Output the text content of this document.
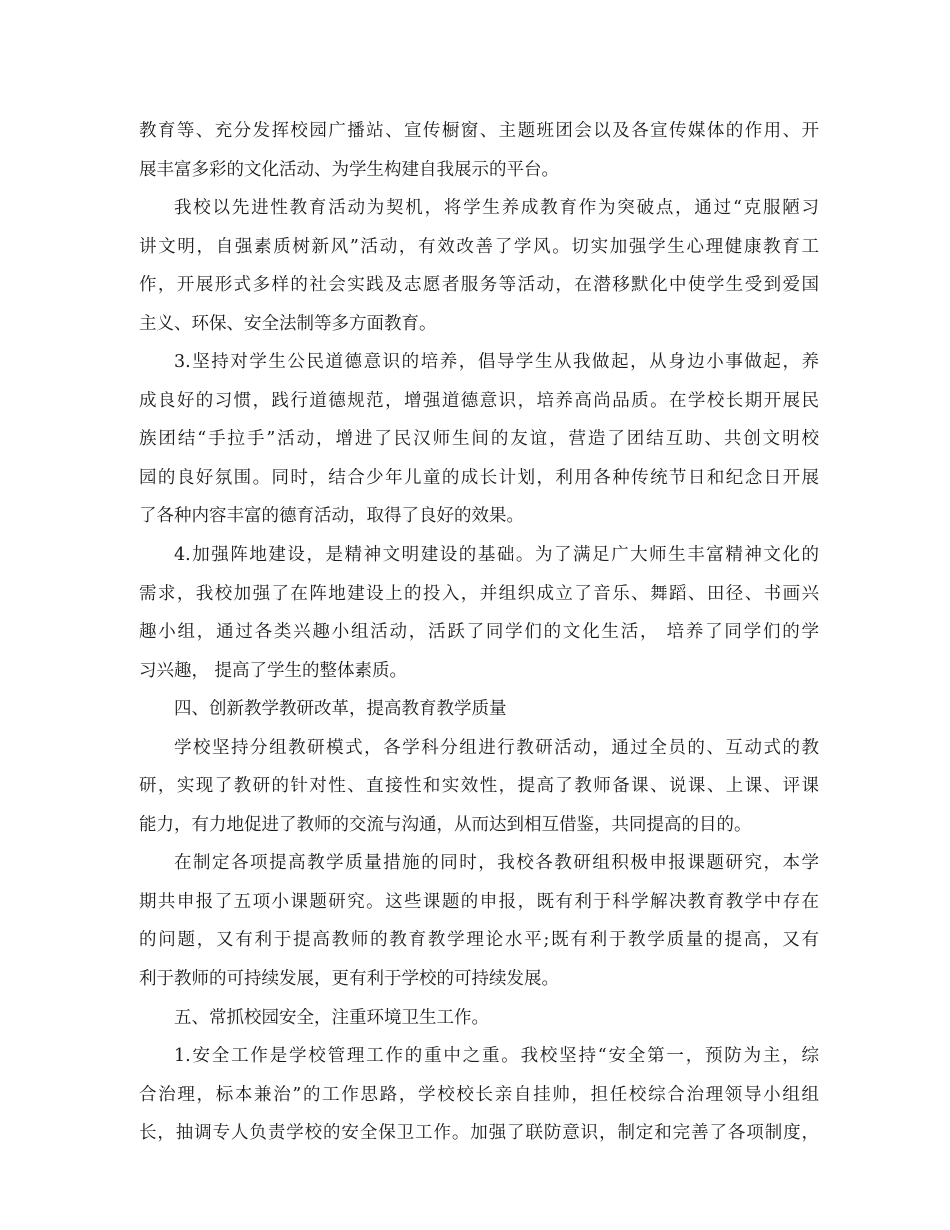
教育等、充分发挥校园广播站、宣传橱窗、主题班团会以及各宣传媒体的作用、开
展丰富多彩的文化活动、为学生构建自我展示的平台。
我校以先进性教育活动为契机，将学生养成教育作为突破点，通过“克服陋习
讲文明，自强素质树新风”活动，有效改善了学风。切实加强学生心理健康教育工
作，开展形式多样的社会实践及志愿者服务等活动，在潜移默化中使学生受到爱国
主义、环保、安全法制等多方面教育。
3.坚持对学生公民道德意识的培养，倡导学生从我做起，从身边小事做起，养
成良好的习惯，践行道德规范，增强道德意识，培养高尚品质。在学校长期开展民
族团结“手拉手”活动，增进了民汉师生间的友谊，营造了团结互助、共创文明校
园的良好氛围。同时，结合少年儿童的成长计划，利用各种传统节日和纪念日开展
了各种内容丰富的德育活动，取得了良好的效果。
4.加强阵地建设，是精神文明建设的基础。为了满足广大师生丰富精神文化的
需求，我校加强了在阵地建设上的投入，并组织成立了音乐、舞蹈、田径、书画兴
趣小组，通过各类兴趣小组活动，活跃了同学们的文化生活， 培养了同学们的学
习兴趣， 提高了学生的整体素质。
四、创新教学教研改革，提高教育教学质量
学校坚持分组教研模式，各学科分组进行教研活动，通过全员的、互动式的教
研，实现了教研的针对性、直接性和实效性，提高了教师备课、说课、上课、评课
能力，有力地促进了教师的交流与沟通，从而达到相互借鉴，共同提高的目的。
在制定各项提高教学质量措施的同时，我校各教研组积极申报课题研究，本学
期共申报了五项小课题研究。这些课题的申报，既有利于科学解决教育教学中存在
的问题，又有利于提高教师的教育教学理论水平;既有利于教学质量的提高，又有
利于教师的可持续发展，更有利于学校的可持续发展。
五、常抓校园安全，注重环境卫生工作。
1.安全工作是学校管理工作的重中之重。我校坚持“安全第一，预防为主，综
合治理，标本兼治”的工作思路，学校校长亲自挂帅，担任校综合治理领导小组组
长，抽调专人负责学校的安全保卫工作。加强了联防意识，制定和完善了各项制度，
